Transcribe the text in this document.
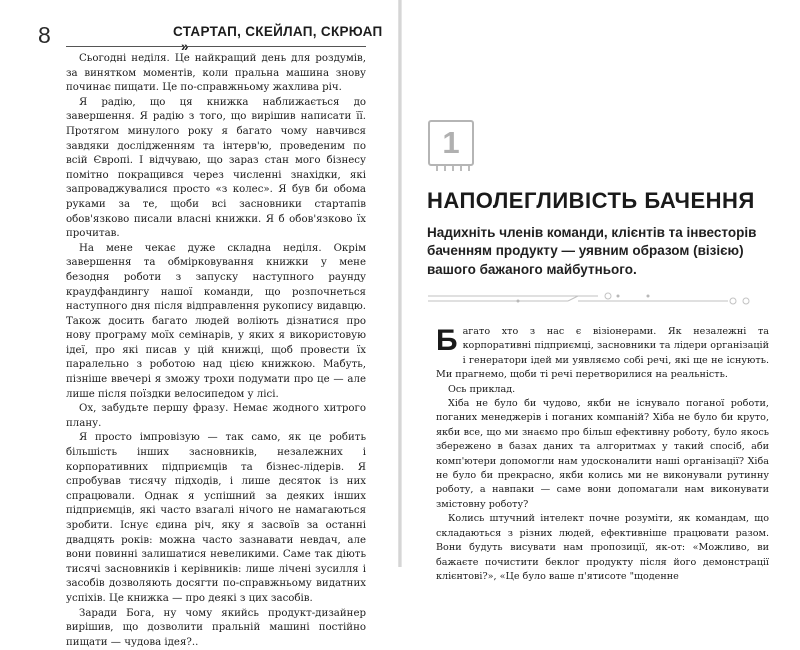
8	СТАРТАП, СКЕЙЛАП, СКРЮАП

Сьогодні неділя. Це найкращий день для роздумів, за винятком моментів, коли пральна машина знову починає пищати. Це по-справжньому жахлива річ.

Я радію, що ця книжка наближається до завершення. Я радію з того, що вирішив написати її. Протягом минулого року я багато чому навчився завдяки дослідженням та інтерв'ю, проведеним по всій Європі. І відчуваю, що зараз стан мого бізнесу помітно покращився через численні знахідки, які запроваджувалися просто «з колес». Я був би обома руками за те, щоби всі засновники стартапів обов'язково писали власні книжки. Я б обов'язково їх прочитав.

На мене чекає дуже складна неділя. Окрім завершення та обмірковування книжки у мене безодня роботи з запуску наступного раунду краудфандингу нашої команди, що розпочнеться наступного дня після відправлення рукопису видавцю. Також досить багато людей воліють дізнатися про нову програму моїх семінарів, у яких я використовую ідеї, про які писав у цій книжці, щоб провести їх паралельно з роботою над цією книжкою. Мабуть, пізніше ввечері я зможу трохи подумати про це — але лише після поїздки велосипедом у лісі.

Ох, забудьте першу фразу. Немає жодного хитрого плану.

Я просто імпровізую — так само, як це робить більшість інших засновників, незалежних і корпоративних підприємців та бізнес-лідерів. Я спробував тисячу підходів, і лише десяток із них спрацювали. Однак я успішний за деяких інших підприємців, які часто взагалі нічого не намагаються зробити. Існує єдина річ, яку я засвоїв за останні двадцять років: можна часто зазнавати невдач, але вони повинні залишатися невеликими. Саме так діють тисячі засновників і керівників: лише лічені зусилля і засобів дозволяють досягти по-справжньому видатних успіхів. Це книжка — про деякі з цих засобів.

Заради Бога, ну чому якийсь продукт-дизайнер вирішив, що дозволити пральній машині постійно пищати — чудова ідея?..

1
НАПОЛЕГЛИВІСТЬ БАЧЕННЯ
Надихніть членів команди, клієнтів та інвесторів баченням продукту — уявним образом (візією) вашого бажаного майбутнього.

Багато хто з нас є візіонерами. Як незалежні та корпоративні підприємці, засновники та лідери організацій і генератори ідей ми уявляємо собі речі, які ще не існують. Ми прагнемо, щоби ті речі перетворилися на реальність.

Ось приклад.

Хіба не було би чудово, якби не існувало поганої роботи, поганих менеджерів і поганих компаній? Хіба не було би круто, якби все, що ми знаємо про більш ефективну роботу, було якось збережено в базах даних та алгоритмах у такий спосіб, аби комп'ютери допомогли нам удосконалити наші організації? Хіба не було би прекрасно, якби колись ми не виконували рутинну роботу, а навпаки — саме вони допомагали нам виконувати змістовну роботу?

Колись штучний інтелект почне розуміти, як командам, що складаються з різних людей, ефективніше працювати разом. Вони будуть висувати нам пропозиції, як-от: «Можливо, ви бажаєте почистити беклог продукту після його демонстрації клієнтові?», «Це було ваше п'ятисоте "щоденне
